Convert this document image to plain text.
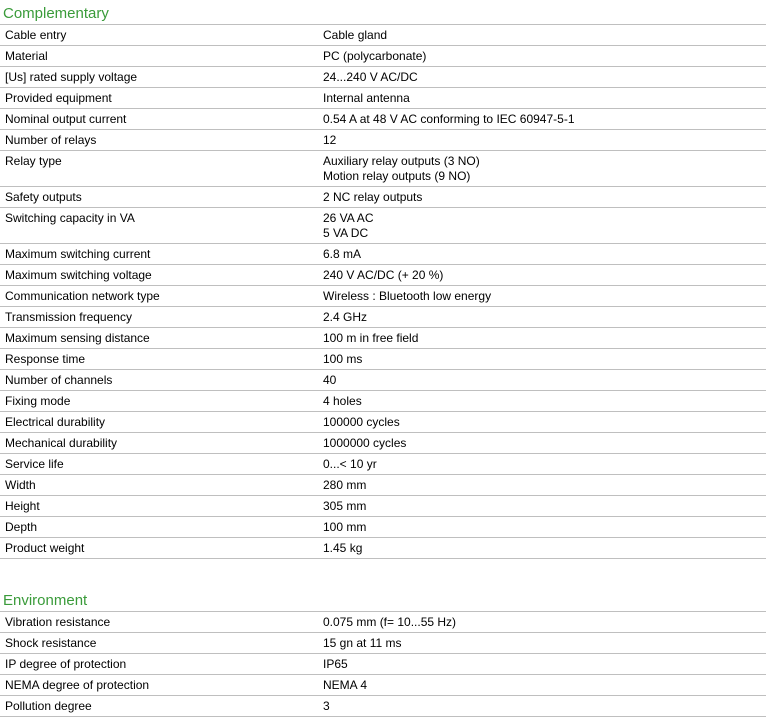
Complementary
Cable entry	Cable gland

Material	PC (polycarbonate)

[Us] rated supply voltage	24...240 V AC/DC

Provided equipment	Internal antenna

Nominal output current	0.54 A at 48 V AC conforming to IEC 60947-5-1

Number of relays	12

Relay type	Auxiliary relay outputs (3 NO)
Motion relay outputs (9 NO)

Safety outputs	2 NC relay outputs

Switching capacity in VA	26 VA AC
5 VA DC

Maximum switching current	6.8 mA

Maximum switching voltage	240 V AC/DC (+ 20 %)

Communication network type	Wireless : Bluetooth low energy

Transmission frequency	2.4 GHz

Maximum sensing distance	100 m in free field

Response time	100 ms

Number of channels	40

Fixing mode	4 holes

Electrical durability	100000 cycles

Mechanical durability	1000000 cycles

Service life	0...< 10 yr

Width	280 mm

Height	305 mm

Depth	100 mm

Product weight	1.45 kg
Environment
Vibration resistance	0.075 mm (f= 10...55 Hz)

Shock resistance	15 gn at 11 ms

IP degree of protection	IP65

NEMA degree of protection	NEMA 4

Pollution degree	3
